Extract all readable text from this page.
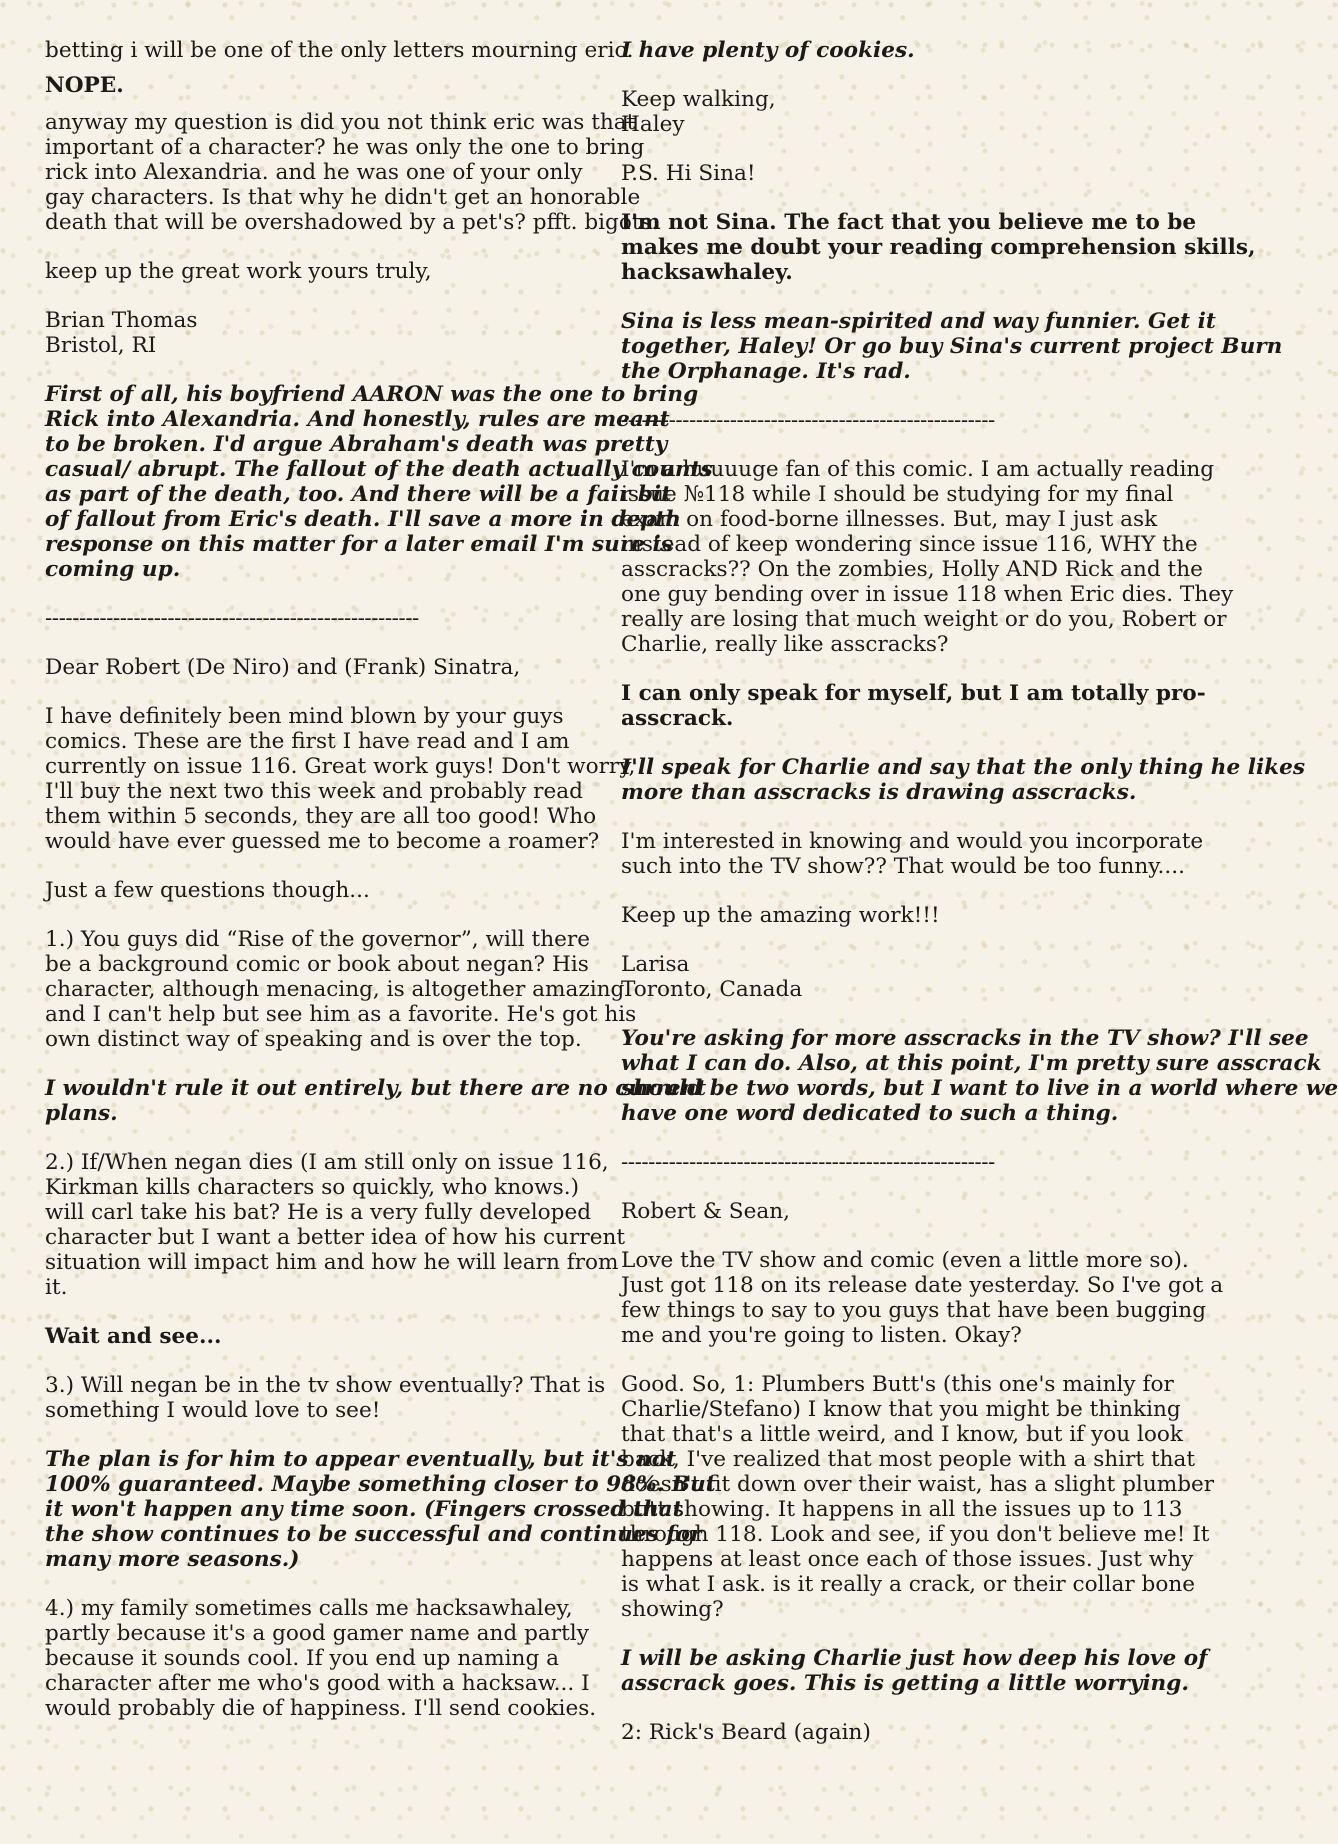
betting i will be one of the only letters mourning eric.

NOPE.

anyway my question is did you not think eric was that
important of a character? he was only the one to bring
rick into Alexandria. and he was one of your only
gay characters. Is that why he didn't get an honorable
death that will be overshadowed by a pet's? pfft. bigots.

keep up the great work yours truly,

Brian Thomas
Bristol, RI

First of all, his boyfriend AARON was the one to bring
Rick into Alexandria. And honestly, rules are meant
to be broken. I'd argue Abraham's death was pretty
casual/ abrupt. The fallout of the death actually counts
as part of the death, too. And there will be a fair bit
of fallout from Eric's death. I'll save a more in depth
response on this matter for a later email I'm sure is
coming up.

-------------------------------------------------------

Dear Robert (De Niro) and (Frank) Sinatra,

I have definitely been mind blown by your guys
comics. These are the first I have read and I am
currently on issue 116. Great work guys! Don't worry,
I'll buy the next two this week and probably read
them within 5 seconds, they are all too good! Who
would have ever guessed me to become a roamer?

Just a few questions though...

1.) You guys did “Rise of the governor”, will there
be a background comic or book about negan? His
character, although menacing, is altogether amazing
and I can't help but see him as a favorite. He's got his
own distinct way of speaking and is over the top.

I wouldn't rule it out entirely, but there are no current
plans.

2.) If/When negan dies (I am still only on issue 116,
Kirkman kills characters so quickly, who knows.)
will carl take his bat? He is a very fully developed
character but I want a better idea of how his current
situation will impact him and how he will learn from
it.

Wait and see...

3.) Will negan be in the tv show eventually? That is
something I would love to see!

The plan is for him to appear eventually, but it's not
100% guaranteed. Maybe something closer to 98%. But
it won't happen any time soon. (Fingers crossed that
the show continues to be successful and continues for
many more seasons.)

4.) my family sometimes calls me hacksawhaley,
partly because it's a good gamer name and partly
because it sounds cool. If you end up naming a
character after me who's good with a hacksaw... I
would probably die of happiness. I'll send cookies.

I have plenty of cookies.

Keep walking,
Haley

P.S. Hi Sina!

I'm not Sina. The fact that you believe me to be
makes me doubt your reading comprehension skills,
hacksawhaley.

Sina is less mean-spirited and way funnier. Get it
together, Haley! Or go buy Sina's current project Burn
the Orphanage. It's rad.

-------------------------------------------------------

I'm a huuuuge fan of this comic. I am actually reading
issue №118 while I should be studying for my final
exam on food-borne illnesses. But, may I just ask
instead of keep wondering since issue 116, WHY the
asscracks?? On the zombies, Holly AND Rick and the
one guy bending over in issue 118 when Eric dies. They
really are losing that much weight or do you, Robert or
Charlie, really like asscracks?

I can only speak for myself, but I am totally pro-
asscrack.

I'll speak for Charlie and say that the only thing he likes
more than asscracks is drawing asscracks.

I'm interested in knowing and would you incorporate
such into the TV show?? That would be too funny....

Keep up the amazing work!!!

Larisa
Toronto, Canada

You're asking for more asscracks in the TV show? I'll see
what I can do. Also, at this point, I'm pretty sure asscrack
should be two words, but I want to live in a world where we
have one word dedicated to such a thing.

-------------------------------------------------------

Robert & Sean,

Love the TV show and comic (even a little more so).
Just got 118 on its release date yesterday. So I've got a
few things to say to you guys that have been bugging
me and you're going to listen. Okay?

Good. So, 1: Plumbers Butt's (this one's mainly for
Charlie/Stefano) I know that you might be thinking
that that's a little weird, and I know, but if you look
back, I've realized that most people with a shirt that
doesn't fit down over their waist, has a slight plumber
butt showing. It happens in all the issues up to 113
through 118. Look and see, if you don't believe me! It
happens at least once each of those issues. Just why
is what I ask. is it really a crack, or their collar bone
showing?

I will be asking Charlie just how deep his love of
asscrack goes. This is getting a little worrying.

2: Rick's Beard (again)
